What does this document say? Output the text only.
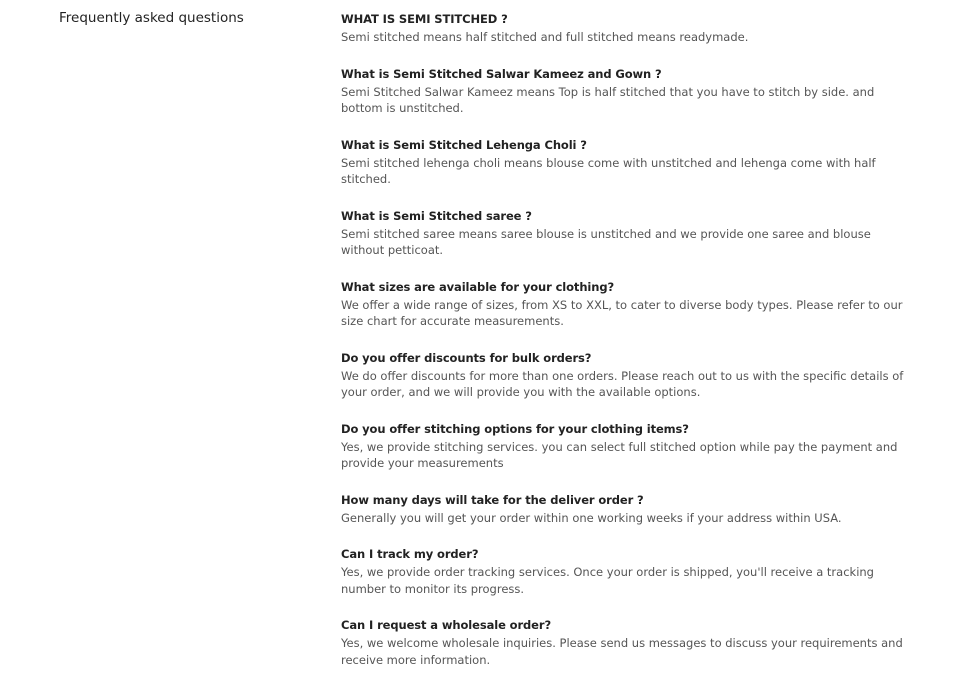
Frequently asked questions	WHAT IS SEMI STITCHED ?

Semi stitched means half stitched and full stitched means readymade.

What is Semi Stitched Salwar Kameez and Gown ?

Semi Stitched Salwar Kameez means Top is half stitched that you have to stitch by side. and bottom is unstitched.

What is Semi Stitched Lehenga Choli ?

Semi stitched lehenga choli means blouse come with unstitched and lehenga come with half stitched.

What is Semi Stitched saree ?

Semi stitched saree means saree blouse is unstitched and we provide one saree and blouse without petticoat.

What sizes are available for your clothing?

We offer a wide range of sizes, from XS to XXL, to cater to diverse body types. Please refer to our size chart for accurate measurements.

Do you offer discounts for bulk orders?

We do offer discounts for more than one orders. Please reach out to us with the specific details of your order, and we will provide you with the available options.

Do you offer stitching options for your clothing items?

Yes, we provide stitching services. you can select full stitched option while pay the payment and provide your measurements

How many days will take for the deliver order ?

Generally you will get your order within one working weeks if your address within USA.

Can I track my order?

Yes, we provide order tracking services. Once your order is shipped, you'll receive a tracking number to monitor its progress.

Can I request a wholesale order?

Yes, we welcome wholesale inquiries. Please send us messages to discuss your requirements and receive more information.
